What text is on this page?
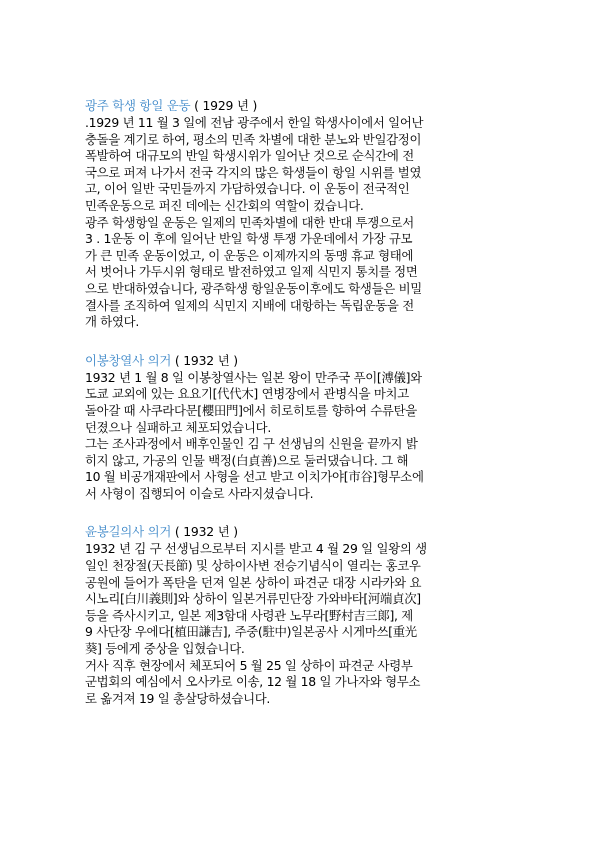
광주 학생 항일 운동 ( 1929 년 )
.1929 년 11 월 3 일에 전남 광주에서 한일 학생사이에서 일어난
충돌을 계기로 하여, 평소의 민족 차별에 대한 분노와 반일감정이
폭발하여 대규모의 반일 학생시위가 일어난 것으로 순식간에 전
국으로 퍼져 나가서 전국 각지의 많은 학생들이 항일 시위를 벌였
고, 이어 일반 국민들까지 가담하였습니다. 이 운동이 전국적인
민족운동으로 퍼진 데에는 신간회의 역할이 컸습니다.
광주 학생항일 운동은 일제의 민족차별에 대한 반대 투쟁으로서
3 . 1운동 이 후에 일어난 반일 학생 투쟁 가운데에서 가장 규모
가 큰 민족 운동이었고, 이 운동은 이제까지의 동맹 휴교 형태에
서 벗어나 가두시위 형태로 발전하였고 일제 식민지 통치를 정면
으로 반대하였습니다, 광주학생 항일운동이후에도 학생들은 비밀
결사를 조직하여 일제의 식민지 지배에 대항하는 독립운동을 전
개 하였다.
이봉창열사 의거 ( 1932 년 )
1932 년 1 월 8 일 이봉창열사는 일본 왕이 만주국 푸이[溥儀]와
도쿄 교외에 있는 요요기[代代木] 연병장에서 관병식을 마치고
돌아갈 때 사쿠라다문[櫻田門]에서 히로히토를 향하여 수류탄을
던졌으나 실패하고 체포되었습니다.
그는 조사과정에서 배후인물인 김 구 선생님의 신원을 끝까지 밝
히지 않고, 가공의 인물 백정(白貞善)으로 둘러댔습니다. 그 해
10 월 비공개재판에서 사형을 선고 받고 이치가야[市谷]형무소에
서 사형이 집행되어 이슬로 사라지셨습니다.
윤봉길의사 의거 ( 1932 년 )
1932 년 김 구 선생님으로부터 지시를 받고 4 월 29 일 일왕의 생
일인 천장절(天長節) 및 상하이사변 전승기념식이 열리는 홍코우
공원에 들어가 폭탄을 던져 일본 상하이 파견군 대장 시라카와 요
시노리[白川義則]와 상하이 일본거류민단장 가와바타[河端貞次]
등을 즉사시키고, 일본 제3함대 사령관 노무라[野村吉三郞], 제
9 사단장 우에다[植田謙吉], 주중(駐中)일본공사 시게마쓰[重光
葵] 등에게 중상을 입혔습니다.
거사 직후 현장에서 체포되어 5 월 25 일 상하이 파견군 사령부
군법회의 예심에서 오사카로 이송, 12 월 18 일 가나자와 형무소
로 옮겨져 19 일 총살당하셨습니다.
